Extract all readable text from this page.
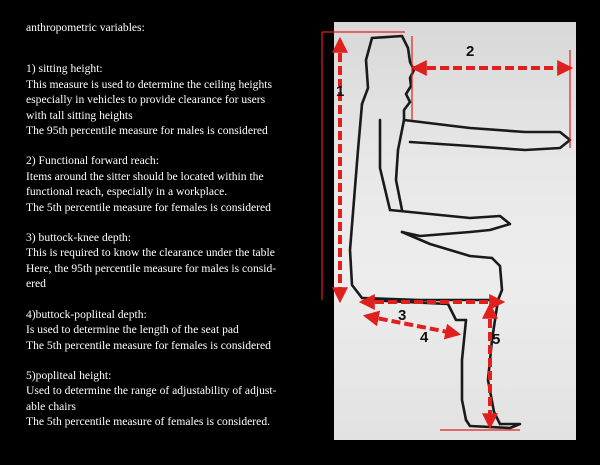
anthropometric variables:

1) sitting height:

This measure is used to determine the ceiling heights

especially in vehicles to provide clearance for users

with tall sitting heights

The 95th percentile measure for males is considered

2) Functional forward reach:

Items around the sitter should be located within the

functional reach, especially in a workplace.

The 5th percentile measure for females is considered

3) buttock-knee depth:

This is required to know the clearance under the table

Here, the 95th percentile measure for males is consid-

ered

4)buttock-popliteal depth:

Is used to determine the length of the seat pad

The 5th percentile measure for females is considered

5)popliteal height:

Used to determine the range of adjustability of adjust-

able chairs

The 5th percentile measure of females is considered.

1
2
3
4	5
